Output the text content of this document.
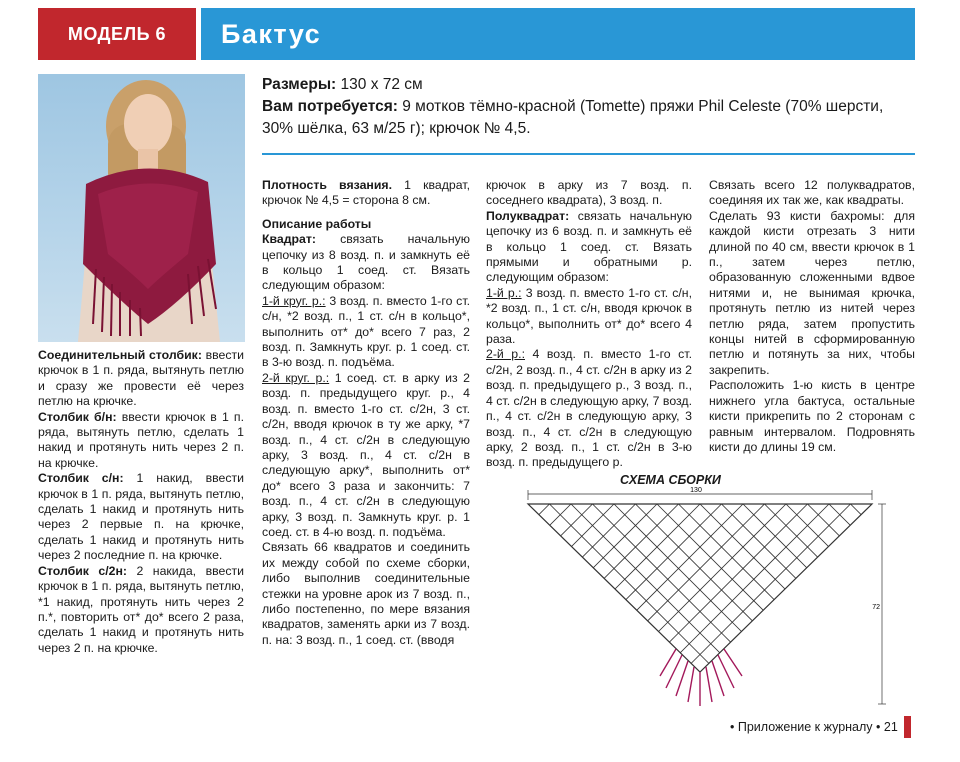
МОДЕЛЬ 6 Бактус
Размеры: 130 х 72 см
Вам потребуется: 9 мотков тёмно-красной (Tomette) пряжи Phil Celeste (70% шерсти, 30% шёлка, 63 м/25 г); крючок № 4,5.

Соединительный столбик: ввести крючок в 1 п. ряда, вытянуть петлю и сразу же провести её через петлю на крючке.

Столбик б/н: ввести крючок в 1 п. ряда, вытянуть петлю, сделать 1 накид и протянуть нить через 2 п. на крючке.

Столбик с/н: 1 накид, ввести крючок в 1 п. ряда, вытянуть петлю, сделать 1 накид и протянуть нить через 2 первые п. на крючке, сделать 1 накид и протянуть нить через 2 последние п. на крючке.

Столбик с/2н: 2 накида, ввести крючок в 1 п. ряда, вытянуть петлю, *1 накид, протянуть нить через 2 п.*, повторить от* до* всего 2 раза, сделать 1 накид и протянуть нить через 2 п. на крючке.

Плотность вязания. 1 квадрат, крючок № 4,5 = сторона 8 см.

Описание работы

Квадрат: связать начальную цепочку из 8 возд. п. и замкнуть её в кольцо 1 соед. ст. Вязать следующим образом:

1-й круг. р.: 3 возд. п. вместо 1-го ст. с/н, *2 возд. п., 1 ст. с/н в кольцо*, выполнить от* до* всего 7 раз, 2 возд. п. Замкнуть круг. р. 1 соед. ст. в 3-ю возд. п. подъёма.

2-й круг. р.: 1 соед. ст. в арку из 2 возд. п. предыдущего круг. р., 4 возд. п. вместо 1-го ст. с/2н, 3 ст. с/2н, вводя крючок в ту же арку, *7 возд. п., 4 ст. с/2н в следующую арку, 3 возд. п., 4 ст. с/2н в следующую арку*, выполнить от* до* всего 3 раза и закончить: 7 возд. п., 4 ст. с/2н в следующую арку, 3 возд. п. Замкнуть круг. р. 1 соед. ст. в 4-ю возд. п. подъёма.

Связать 66 квадратов и соединить их между собой по схеме сборки, либо выполнив соединительные стежки на уровне арок из 7 возд. п., либо постепенно, по мере вязания квадратов, заменять арки из 7 возд. п. на: 3 возд. п., 1 соед. ст. (вводя

крючок в арку из 7 возд. п. соседнего квадрата), 3 возд. п.

Полуквадрат: связать начальную цепочку из 6 возд. п. и замкнуть её в кольцо 1 соед. ст. Вязать прямыми и обратными р. следующим образом:

1-й р.: 3 возд. п. вместо 1-го ст. с/н, *2 возд. п., 1 ст. с/н, вводя крючок в кольцо*, выполнить от* до* всего 4 раза.

2-й р.: 4 возд. п. вместо 1-го ст. с/2н, 2 возд. п., 4 ст. с/2н в арку из 2 возд. п. предыдущего р., 3 возд. п., 4 ст. с/2н в следующую арку, 7 возд. п., 4 ст. с/2н в следующую арку, 3 возд. п., 4 ст. с/2н в следующую арку, 2 возд. п., 1 ст. с/2н в 3-ю возд. п. предыдущего р.

Связать всего 12 полуквадратов, соединяя их так же, как квадраты.

Сделать 93 кисти бахромы: для каждой кисти отрезать 3 нити длиной по 40 см, ввести крючок в 1 п., затем через петлю, образованную сложенными вдвое нитями и, не вынимая крючка, протянуть петлю из нитей через петлю ряда, затем пропустить концы нитей в сформированную петлю и потянуть за них, чтобы закрепить.

Расположить 1-ю кисть в центре нижнего угла бактуса, остальные кисти прикрепить по 2 сторонам с равным интервалом. Подровнять кисти до длины 19 см.

СХЕМА СБОРКИ
130
72
• Приложение к журналу •
21
